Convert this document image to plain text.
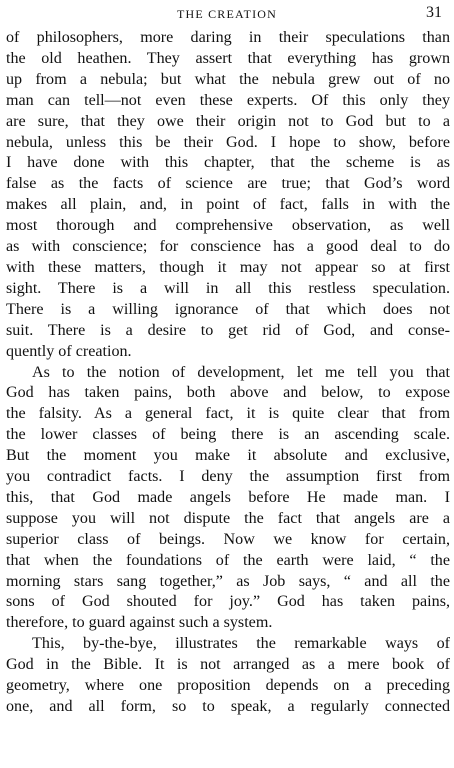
THE CREATION	31

of philosophers, more daring in their speculations than
the old heathen. They assert that everything has grown
up from a nebula; but what the nebula grew out of no
man can tell—not even these experts. Of this only they
are sure, that they owe their origin not to God but to a
nebula, unless this be their God. I hope to show, before
I have done with this chapter, that the scheme is as
false as the facts of science are true; that God’s word
makes all plain, and, in point of fact, falls in with the
most thorough and comprehensive observation, as well
as with conscience; for conscience has a good deal to do
with these matters, though it may not appear so at first
sight. There is a will in all this restless speculation.
There is a willing ignorance of that which does not
suit. There is a desire to get rid of God, and conse-
quently of creation.

As to the notion of development, let me tell you that
God has taken pains, both above and below, to expose
the falsity. As a general fact, it is quite clear that from
the lower classes of being there is an ascending scale.
But the moment you make it absolute and exclusive,
you contradict facts. I deny the assumption first from
this, that God made angels before He made man. I
suppose you will not dispute the fact that angels are a
superior class of beings. Now we know for certain,
that when the foundations of the earth were laid, “ the
morning stars sang together,” as Job says, “ and all the
sons of God shouted for joy.” God has taken pains,
therefore, to guard against such a system.

This, by-the-bye, illustrates the remarkable ways of
God in the Bible. It is not arranged as a mere book of
geometry, where one proposition depends on a preceding
one, and all form, so to speak, a regularly connected
